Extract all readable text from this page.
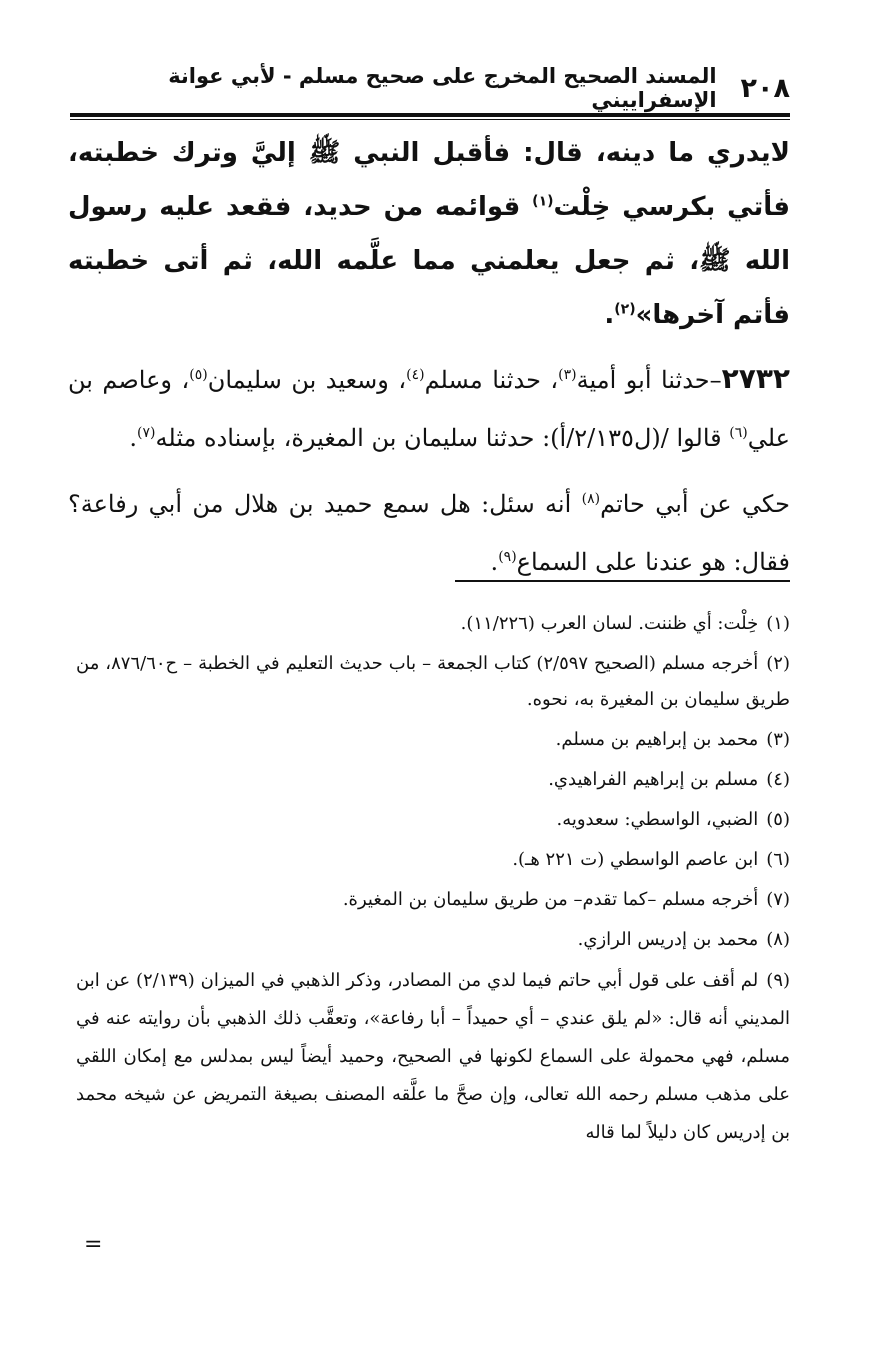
٢٠٨
المسند الصحيح المخرج على صحيح مسلم - لأبي عوانة الإسفراييني

لايدري ما دينه، قال: فأقبل النبي ﷺ إليَّ وترك خطبته، فأتي بكرسي خِلْت$^{(١)}$ قوائمه من حديد، فقعد عليه رسول الله ﷺ، ثم جعل يعلمني مما علَّمه الله، ثم أتى خطبته فأتم آخرها»$^{(٢)}$.

٢٧٣٢–حدثنا أبو أمية$^{(٣)}$، حدثنا مسلم$^{(٤)}$، وسعيد بن سليمان$^{(٥)}$، وعاصم بن علي$^{(٦)}$ قالوا /(ل٢/١٣٥/أ): حدثنا سليمان بن المغيرة، بإسناده مثله$^{(٧)}$.

حكي عن أبي حاتم$^{(٨)}$ أنه سئل: هل سمع حميد بن هلال من أبي رفاعة؟ فقال: هو عندنا على السماع$^{(٩)}$.

(١)خِلْت: أي ظننت. لسان العرب (١١/٢٢٦).
(٢)أخرجه مسلم (الصحيح ٢/٥٩٧) كتاب الجمعة – باب حديث التعليم في الخطبة – ح٨٧٦/٦٠، من طريق سليمان بن المغيرة به، نحوه.
(٣)محمد بن إبراهيم بن مسلم.
(٤)مسلم بن إبراهيم الفراهيدي.
(٥)الضبي، الواسطي: سعدويه.
(٦)ابن عاصم الواسطي (ت ٢٢١ هـ).
(٧)أخرجه مسلم –كما تقدم– من طريق سليمان بن المغيرة.
(٨)محمد بن إدريس الرازي.
(٩)لم أقف على قول أبي حاتم فيما لدي من المصادر، وذكر الذهبي في الميزان (٢/١٣٩) عن ابن المديني أنه قال: «لم يلق عندي – أي حميداً – أبا رفاعة»، وتعقَّب ذلك الذهبي بأن روايته عنه في مسلم، فهي محمولة على السماع لكونها في الصحيح، وحميد أيضاً ليس بمدلس مع إمكان اللقي على مذهب مسلم رحمه الله تعالى، وإن صحَّ ما علَّقه المصنف بصيغة التمريض عن شيخه محمد بن إدريس كان دليلاً لما قاله
=
